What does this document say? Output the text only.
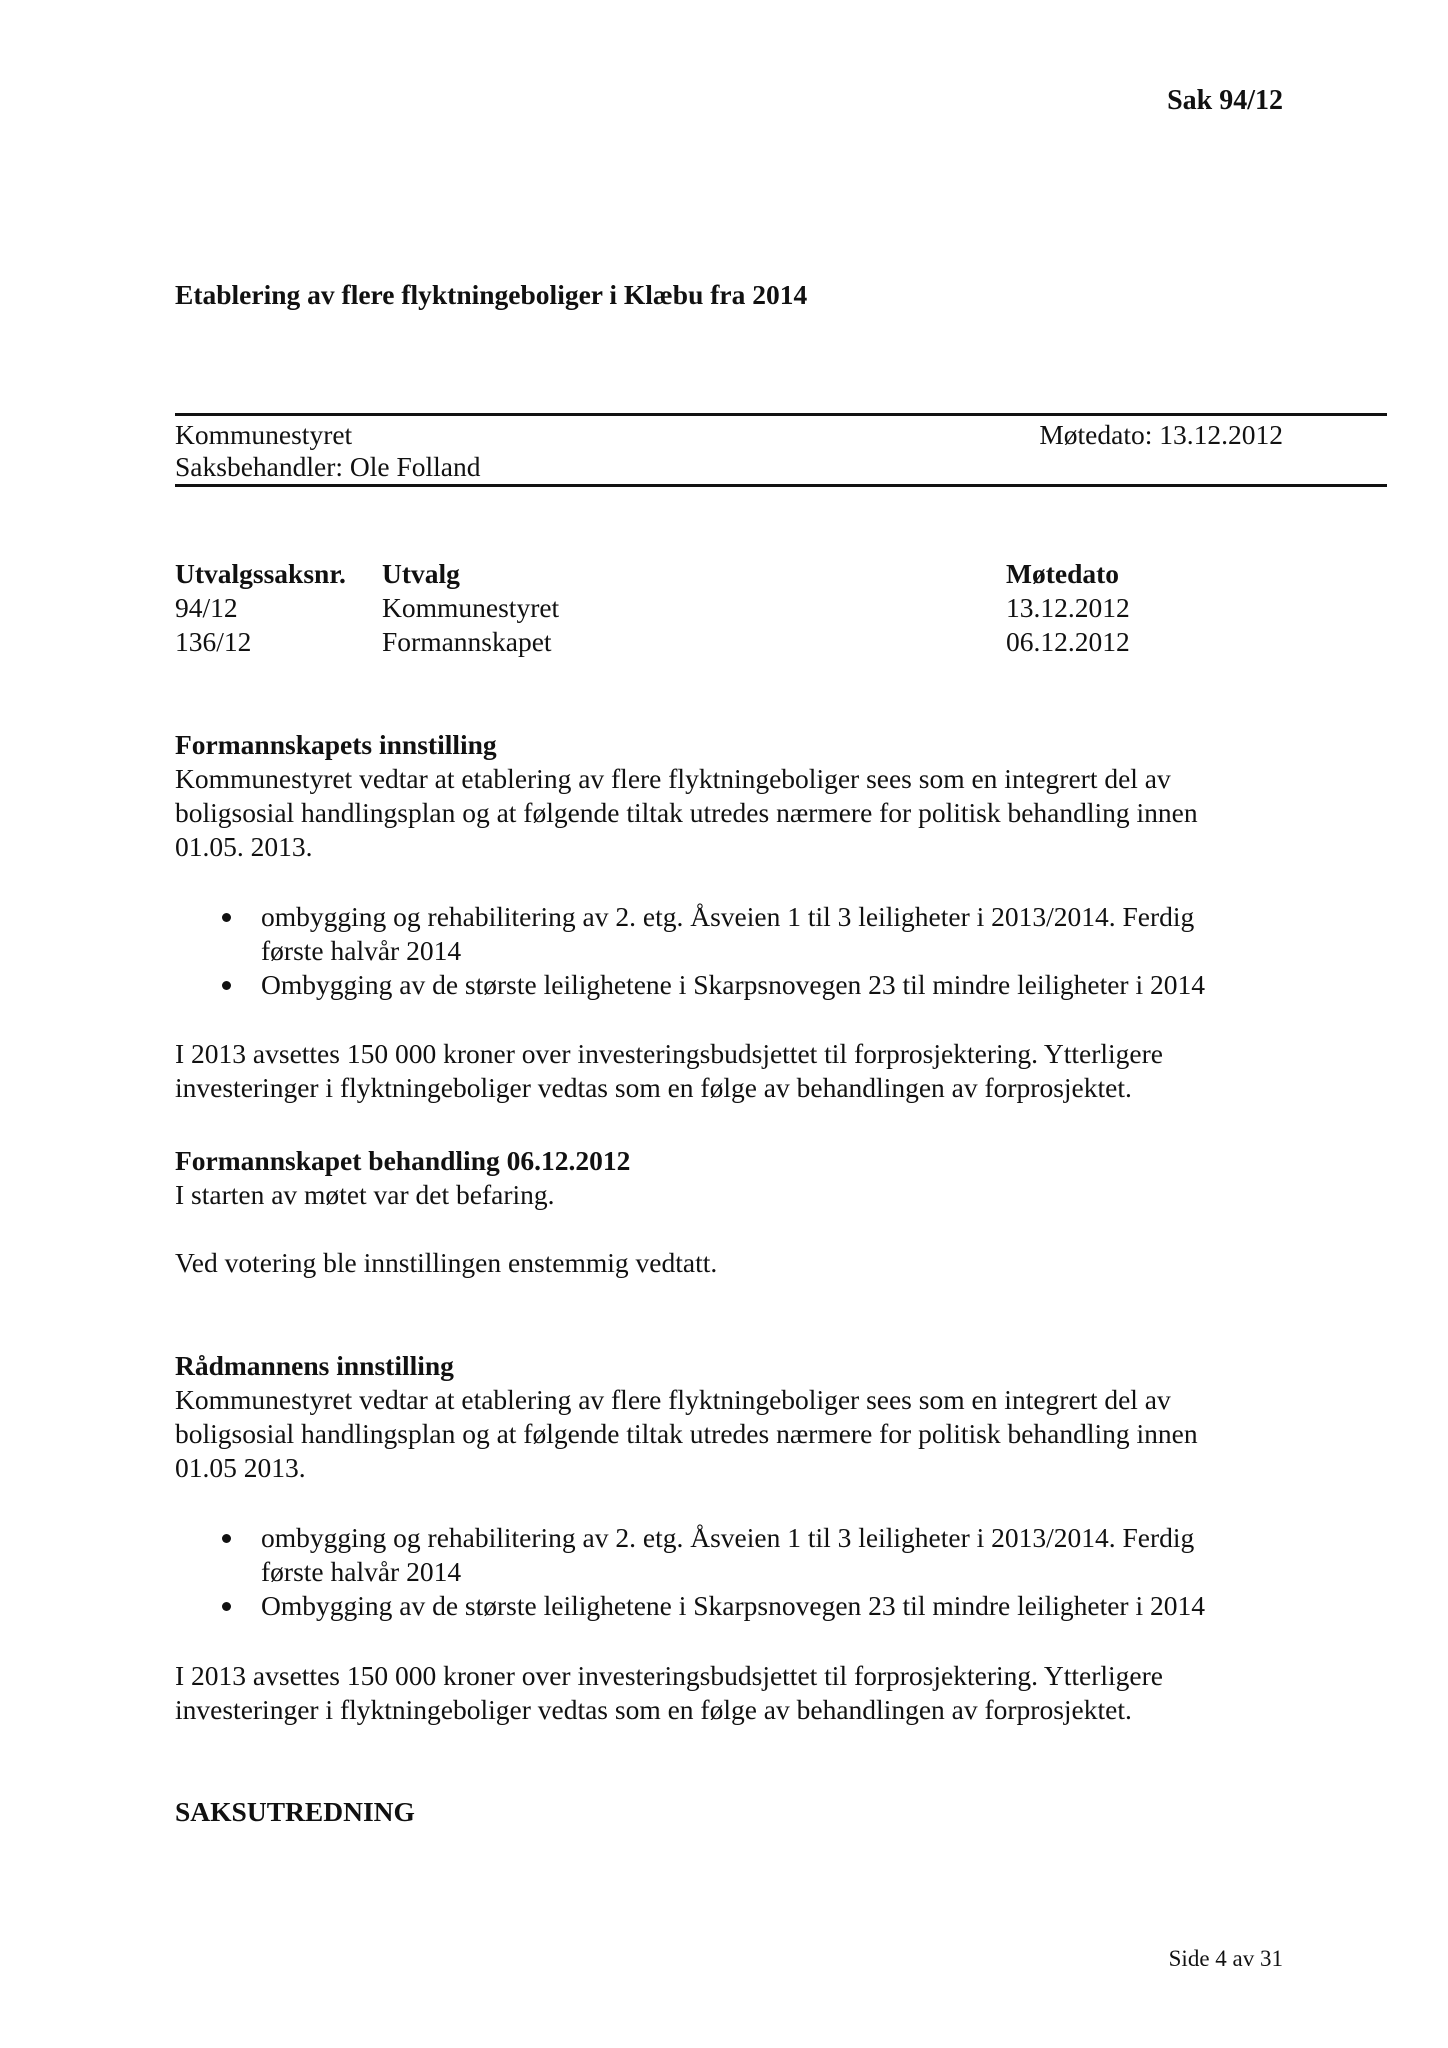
Sak 94/12
Etablering av flere flyktningeboliger i Klæbu fra 2014
Kommunestyret	Møtedato: 13.12.2012
Saksbehandler: Ole Folland
Utvalgssaksnr. Utvalg	Møtedato
94/12	Kommunestyret	13.12.2012
136/12	Formannskapet	06.12.2012
Formannskapets innstilling
Kommunestyret vedtar at etablering av flere flyktningeboliger sees som en integrert del av
boligsosial handlingsplan og at følgende tiltak utredes nærmere for politisk behandling innen
01.05. 2013.
ombygging og rehabilitering av 2. etg. Åsveien 1 til 3 leiligheter i 2013/2014. Ferdig
første halvår 2014
Ombygging av de største leilighetene i Skarpsnovegen 23 til mindre leiligheter i 2014
I 2013 avsettes 150 000 kroner over investeringsbudsjettet til forprosjektering. Ytterligere
investeringer i flyktningeboliger vedtas som en følge av behandlingen av forprosjektet.
Formannskapet behandling 06.12.2012
I starten av møtet var det befaring.
Ved votering ble innstillingen enstemmig vedtatt.
Rådmannens innstilling
Kommunestyret vedtar at etablering av flere flyktningeboliger sees som en integrert del av
boligsosial handlingsplan og at følgende tiltak utredes nærmere for politisk behandling innen
01.05 2013.
ombygging og rehabilitering av 2. etg. Åsveien 1 til 3 leiligheter i 2013/2014. Ferdig
første halvår 2014
Ombygging av de største leilighetene i Skarpsnovegen 23 til mindre leiligheter i 2014
I 2013 avsettes 150 000 kroner over investeringsbudsjettet til forprosjektering. Ytterligere
investeringer i flyktningeboliger vedtas som en følge av behandlingen av forprosjektet.
SAKSUTREDNING
Side 4 av 31
